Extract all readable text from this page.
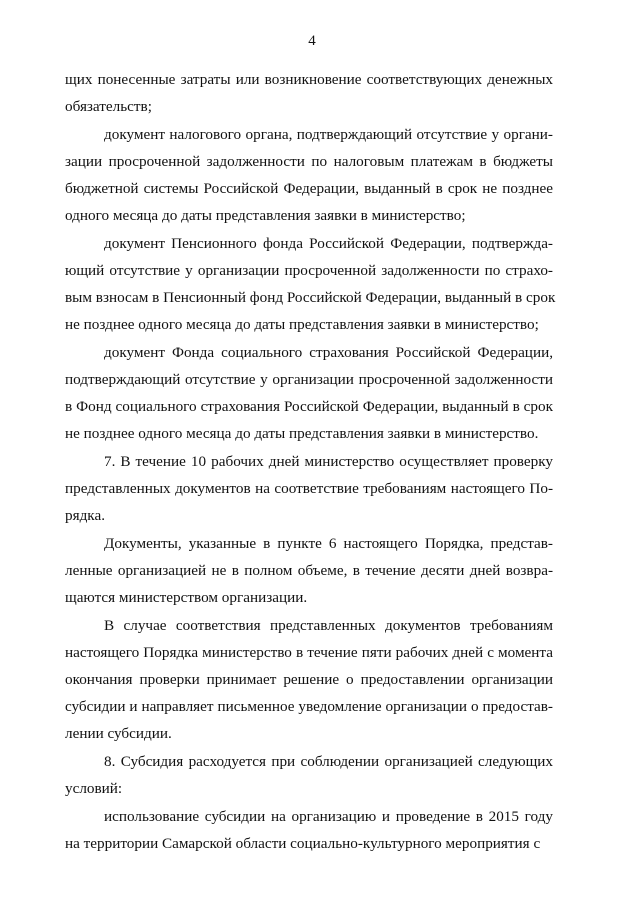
4
щих понесенные затраты или возникновение соответствующих денежных
обязательств;
документ налогового органа, подтверждающий отсутствие у органи-
зации просроченной задолженности по налоговым платежам в бюджеты
бюджетной системы Российской Федерации, выданный в срок не позднее
одного месяца до даты представления заявки в министерство;
документ Пенсионного фонда Российской Федерации, подтвержда-
ющий отсутствие у организации просроченной задолженности по страхо-
вым взносам в Пенсионный фонд Российской Федерации, выданный в срок
не позднее одного месяца до даты представления заявки в министерство;
документ Фонда социального страхования Российской Федерации,
подтверждающий отсутствие у организации просроченной задолженности
в Фонд социального страхования Российской Федерации, выданный в срок
не позднее одного месяца до даты представления заявки в министерство.
7. В течение 10 рабочих дней министерство осуществляет проверку
представленных документов на соответствие требованиям настоящего По-
рядка.
Документы, указанные в пункте 6 настоящего Порядка, представ-
ленные организацией не в полном объеме, в течение десяти дней возвра-
щаются министерством организации.
В случае соответствия представленных документов требованиям
настоящего Порядка министерство в течение пяти рабочих дней с момента
окончания проверки принимает решение о предоставлении организации
субсидии и направляет письменное уведомление организации о предостав-
лении субсидии.
8. Субсидия расходуется при соблюдении организацией следующих
условий:
использование субсидии на организацию и проведение в 2015 году
на территории Самарской области социально-культурного мероприятия с
